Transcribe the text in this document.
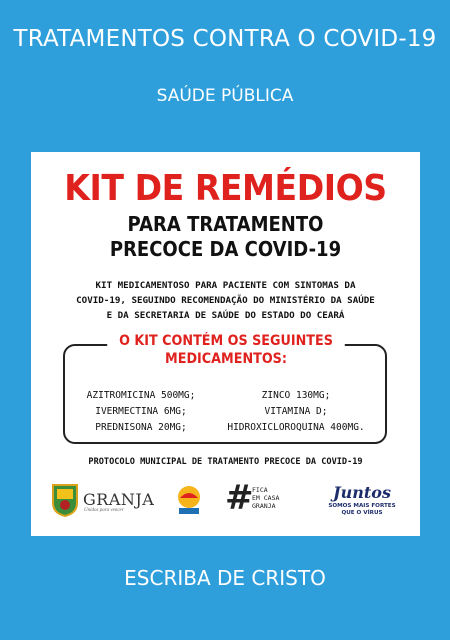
TRATAMENTOS CONTRA O COVID-19
SAÚDE PÚBLICA
KIT DE REMÉDIOS
PARA TRATAMENTO
PRECOCE DA COVID-19
KIT MEDICAMENTOSO PARA PACIENTE COM SINTOMAS DA
COVID-19, SEGUINDO RECOMENDAÇÃO DO MINISTÉRIO DA SAÚDE
E DA SECRETARIA DE SAÚDE DO ESTADO DO CEARÁ
O KIT CONTÉM OS SEGUINTES
MEDICAMENTOS:
AZITROMICINA 500MG;	ZINCO 130MG;
IVERMECTINA 6MG;	VITAMINA D;
PREDNISONA 20MG;	HIDROXICLOROQUINA 400MG.
PROTOCOLO MUNICIPAL DE TRATAMENTO PRECOCE DA COVID-19
GRANJA
Unidos para vencer	#
FICA
EM CASA
GRANJA
Juntos
SOMOS MAIS FORTES
QUE O VÍRUS
ESCRIBA DE CRISTO
